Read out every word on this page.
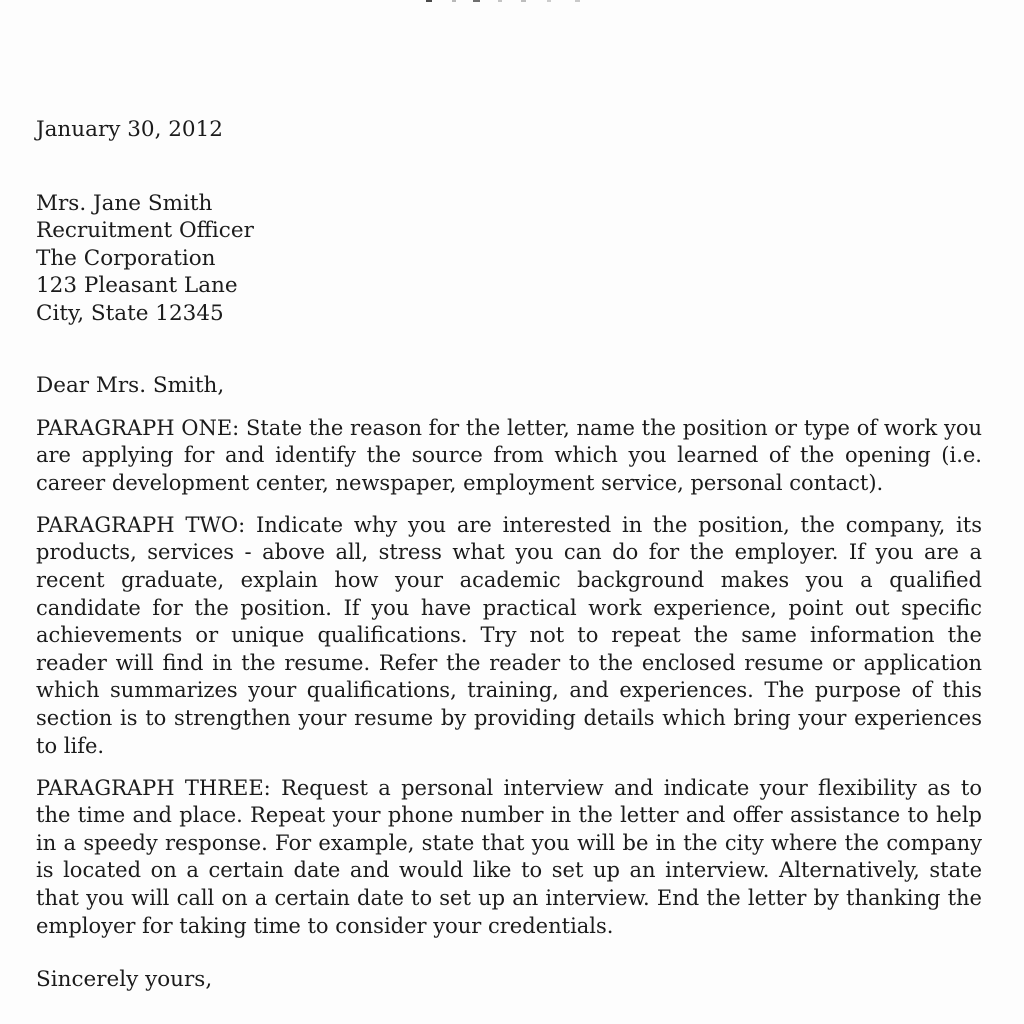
January 30, 2012

Mrs. Jane Smith

Recruitment Officer

The Corporation

123 Pleasant Lane

City, State 12345

Dear Mrs. Smith,

PARAGRAPH ONE: State the reason for the letter, name the position or type of work you are applying for and identify the source from which you learned of the opening (i.e. career development center, newspaper, employment service, personal contact).

PARAGRAPH TWO: Indicate why you are interested in the position, the company, its products, services - above all, stress what you can do for the employer. If you are a recent graduate, explain how your academic background makes you a qualified candidate for the position. If you have practical work experience, point out specific achievements or unique qualifications. Try not to repeat the same information the reader will find in the resume. Refer the reader to the enclosed resume or application which summarizes your qualifications, training, and experiences. The purpose of this section is to strengthen your resume by providing details which bring your experiences to life.

PARAGRAPH THREE: Request a personal interview and indicate your flexibility as to the time and place. Repeat your phone number in the letter and offer assistance to help in a speedy response. For example, state that you will be in the city where the company is located on a certain date and would like to set up an interview. Alternatively, state that you will call on a certain date to set up an interview. End the letter by thanking the employer for taking time to consider your credentials.

Sincerely yours,
